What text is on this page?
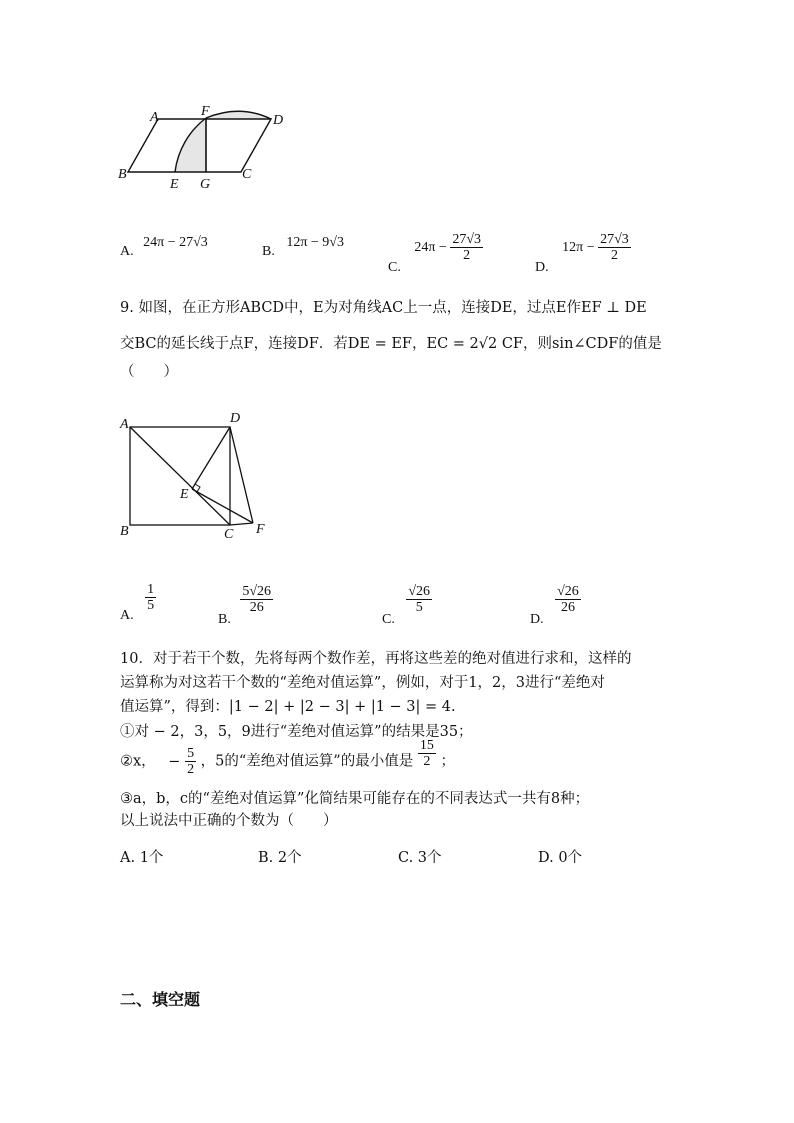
A	F
D
B
E G
C
A. 24π − 27√3
B. 12π − 9√3
C. $24\pi - \frac{27√3}{2}$
D. $12\pi - \frac{27√3}{2}$
9. 如图，在正方形ABCD中，E为对角线AC上一点，连接DE，过点E作EF ⊥ DE
交BC的延长线于点F，连接DF．若DE = EF，EC = 2√2 CF，则sin∠CDF的值是
（　　）
A	D
E
B	C F
A.
$\frac{1}{5}$
B.
$\frac{5√26}{26}$
C.
$\frac{√26}{5}$
D.
$\frac{√26}{26}$
10．对于若干个数，先将每两个数作差，再将这些差的绝对值进行求和，这样的
运算称为对这若干个数的“差绝对值运算”，例如，对于1，2，3进行“差绝对
值运算”，得到：|1 − 2| + |2 − 3| + |1 − 3| = 4.
①对 − 2，3，5，9进行“差绝对值运算”的结果是35；
②x， − $\frac{5}{2}$ ，5的“差绝对值运算”的最小值是 $\frac{15}{2}$ ；
③a，b，c的“差绝对值运算”化简结果可能存在的不同表达式一共有8种；
以上说法中正确的个数为（　　）
A. 1个	B. 2个	C. 3个	D. 0个
二、填空题
